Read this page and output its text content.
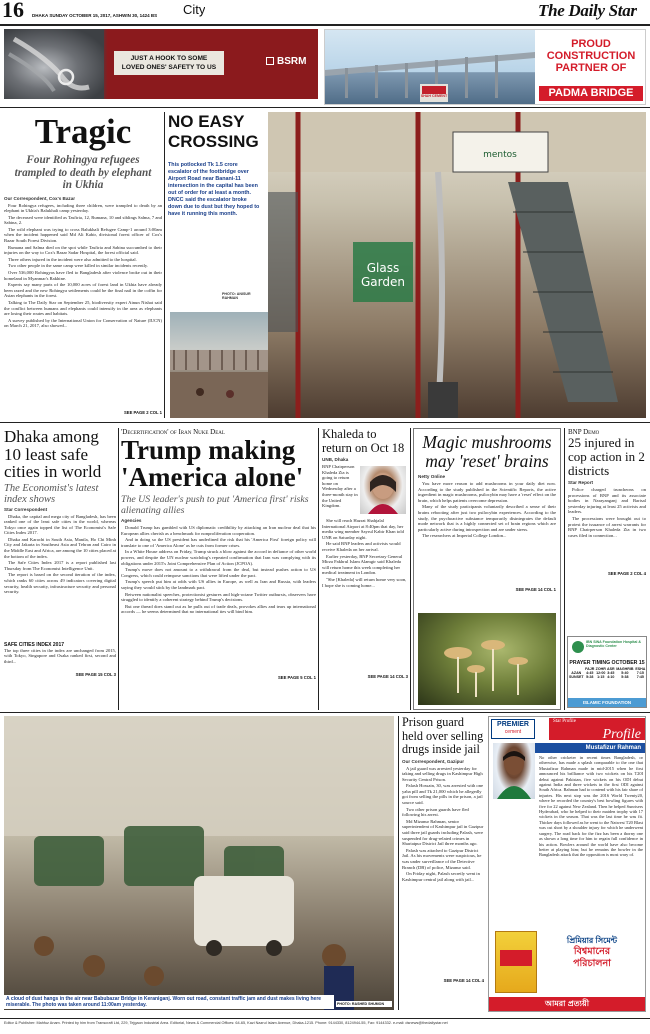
16 DHAKA SUNDAY OCTOBER 15, 2017, ASHWIN 30, 1424 BS City	The Daily Star
JUST A HOOK TO SOME
LOVED ONES' SAFETY TO US
BSRM
SHAH CEMENT
PROUD
CONSTRUCTION
PARTNER OF
PADMA BRIDGE
Tragic
Four Rohingya refugees trampled to death by elephant in Ukhia
Our Correspondent, Cox's Bazar

Four Rohingya refugees, including three children, were trampled to death by an elephant in Ukhia's Balukhali camp yesterday.

The deceased were identified as Tasfiria, 12, Rumana, 10 and siblings Salma, 7 and Sabina, 2.

The wild elephant was trying to cross Balukhali Refugee Camp-1 around 3:00am when the incident happened said Md Ali Kabir, divisional forest officer of Cox's Bazar South Forest Division.

Rumana and Salma died on the spot while Tasfiria and Sabina succumbed to their injuries on the way to Cox's Bazar Sadar Hospital, the forest official said.

Three others injured in the incident were also admitted to the hospital.

Two other people in the same camp were killed in similar incidents recently.

Over 536,000 Rohingyas have fled to Bangladesh after violence broke out in their homeland in Myanmar's Rakhine.

Experts say many parts of the 10,000 acres of forest land in Ukhia have already been razed and the new Rohingya settlements could be the final nail in the coffin for Asian elephants in the forest.

Talking to The Daily Star on September 25, biodiversity expert Ainun Nishat said the conflict between humans and elephants could intensify in the area as elephants are losing their routes and habitats.

A survey published by the International Union for Conservation of Nature (IUCN) on March 21, 2017, also showed...

SEE PAGE 2 COL 1
NO EASY CROSSING
This potlocked Tk 1.5 crore escalator of the footbridge over Airport Road near Banani-11 intersection in the capital has been out of order for at least a month. DNCC said the escalator broke down due to dust but they hoped to have it running this month.
PHOTO: ANISUR RAHMAN
mentos
Glass
Garden
Dhaka among 10 least safe cities in world
The Economist's latest index shows
Star Correspondent

Dhaka, the capital and mega city of Bangladesh, has been ranked one of the least safe cities in the world, whereas Tokyo once again topped the list of The Economist's Safe Cities Index 2017.

Dhaka and Karachi in South Asia, Manila, Ho Chi Minh City and Jakarta in Southeast Asia and Tehran and Cairo in the Middle East and Africa, are among the 10 cities placed at the bottom of the index.

The Safe Cities Index 2017 is a report published last Thursday from The Economist Intelligence Unit.

The report is based on the second iteration of the index, which ranks 60 cities across 49 indicators covering digital security, health security, infrastructure security and personal security.

SAFE CITIES INDEX 2017
The top three cities in the index are unchanged from 2015, with Tokyo, Singapore and Osaka ranked first, second and third...
SEE PAGE 15 COL 3
'Decertification' of Iran Nuke Deal
Trump making 'America alone'
The US leader's push to put 'America first' risks alienating allies
Agencies

Donald Trump has gambled with US diplomatic credibility by attacking an Iran nuclear deal that his European allies cherish as a benchmark for nonproliferation cooperation.

And in doing so the US president has underlined the risk that his 'America First' foreign policy will translate to one of 'America Alone' as he cuts from former crises.

In a White House address on Friday, Trump struck a blow against the accord in defiance of other world powers, and despite the UN nuclear watchdog's repeated confirmation that Iran was complying with its obligations under 2015's Joint Comprehensive Plan of Action (JCPOA).

Trump's move does not amount to a withdrawal from the deal, but instead pushes action to US Congress, which could reimpose sanctions that were lifted under the pact.

Trump's speech put him at odds with US allies in Europe, as well as Iran and Russia, with leaders saying they would stick by the landmark pact.

Between nationalist speeches, protectionist gestures and high-octane Twitter outbursts, observers have struggled to identify a coherent strategy behind Trump's decisions.

But one thread does stand out as he pulls out of trade deals, provokes allies and tears up international accords — he seems determined that no international ties will bind him.

SEE PAGE 5 COL 1
Khaleda to return on Oct 18
UNB, Dhaka
BNP Chairperson Khaleda Zia is going to return home on Wednesday after a three-month stay in the United Kingdom.

She will reach Hazrat Shahjalal International Airport at 8:40pm that day, her media wing member Sayrul Kabir Khan told UNB on Saturday night.

He said BNP leaders and activists would receive Khaleda on her arrival.

Earlier yesterday, BNP Secretary General Mirza Fakhrul Islam Alamgir said Khaleda will return home this week completing her medical treatment in London.

"She [Khaleda] will return home very soon, I hope she is coming home...

SEE PAGE 14 COL 3
Magic mushrooms may 'reset' brains
Netty Online

You have more reason to add mushrooms in your daily diet now. According to the study published in the Scientific Reports, the active ingredient in magic mushrooms, psilocybin may have a 'reset' effect on the brain, which helps patients overcome depression.

Many of the study participants voluntarily described a sense of their brains rebooting after just two psilocybin experiences. According to the study, the psychoactive substance temporarily disintegrates the default mode network that is a highly connected set of brain regions which are particularly active during introspection and are under stress.

The researchers at Imperial College London...

SEE PAGE 14 COL 1
BNP Demo
25 injured in cop action in 2 districts
Star Report

Police charged truncheons on processions of BNP and its associate bodies in Narayanganj and Barisal yesterday injuring at least 25 activists and leaders.

The processions were brought out to protest the issuance of arrest warrants for BNP Chairperson Khaleda Zia in two cases filed in connection...

SEE PAGE 2 COL 4
IBN SINA Foundation Hospital & Diagnostic Center
PRAYER TIMING OCTOBER 15
	FAJR	ZOHR	ASR	MAGHRIB	ESHA
AZAN	4:45	12:00	3:45	5:40	7:15
SUNSET	5:28	1:15	4:10	5:38	7:45
ISLAMIC FOUNDATION
A cloud of dust hangs in the air near Babubazar Bridge in Keraniganj. Worn out road, constant traffic jam and dust makes living here miserable. The photo was taken around 11:00am yesterday.	PHOTO: RASHED SHUMON
Prison guard held over selling drugs inside jail
Our Correspondent, Gazipur

A jail guard was arrested yesterday for taking and selling drugs in Kashimpur High Security Central Prison.

Palash Hossain, 30, was arrested with one yaba pill and Tk 21,000 which he allegedly got from selling the pills in the prison, a jail source said.

Two other prison guards have fled following his arrest.

Md Mizanur Rahman, senior superintendent of Kashimpur jail in Gazipur said three jail guards including Palash, were suspended for drug-related crimes in Shariatpur District Jail three months ago.

Palash was attached to Gazipur District Jail. As his movements were suspicious, he was under surveillance of the Detective Branch (DB) of police, Mizanur said.

On Friday night, Palash secretly went in Kashimpur central jail along with jail...

SEE PAGE 14 COL 4
PREMIER
cement
Star Profile
Profile
Mustafizur Rahman
No other cricketer in recent times Bangladesh, or otherwise, has made a splash comparable to the one that Mustafizur Rahman made in mid-2015 when he first announced his brilliance with two wickets on his T20I debut against Pakistan, five wickets on his ODI debut against India and three wickets in the first ODI against South Africa. Rahman had to contend with his fair share of injuries. His next stop was the 2016 World Twenty20, where he recorded the country's best bowling figures with five for 22 against New Zealand. Then he helped Sunrisers Hyderabad, who he helped to their maiden trophy with 17 wickets in the season. That was the last time he was fit. Thicker days followed as he went to the Natwest T20 Blast was cut short by a shoulder injury for which he underwent surgery. The road back for the fizz has been a thorny one as shown a long time for him to regain full confidence in his action. Bowlers around the world have also become better at playing him; but he remains the bowler in the Bangladesh attack that the opposition is most wary of.
প্রিমিয়ার সিমেন্ট
বিশ্বমানের
পরিচালনা
আমরা প্রত্যয়ী
Editor & Publisher: Mahfuz Anam. Printed by him from Transcraft Ltd, 229, Tejgaon Industrial Area. Editorial, News & Commercial Offices: 64-65, Kazi Nazrul Islam Avenue, Dhaka-1215. Phone: 9144330, 8124944-55, Fax: 9144332. e-mail: dsnews@thedailystar.net
